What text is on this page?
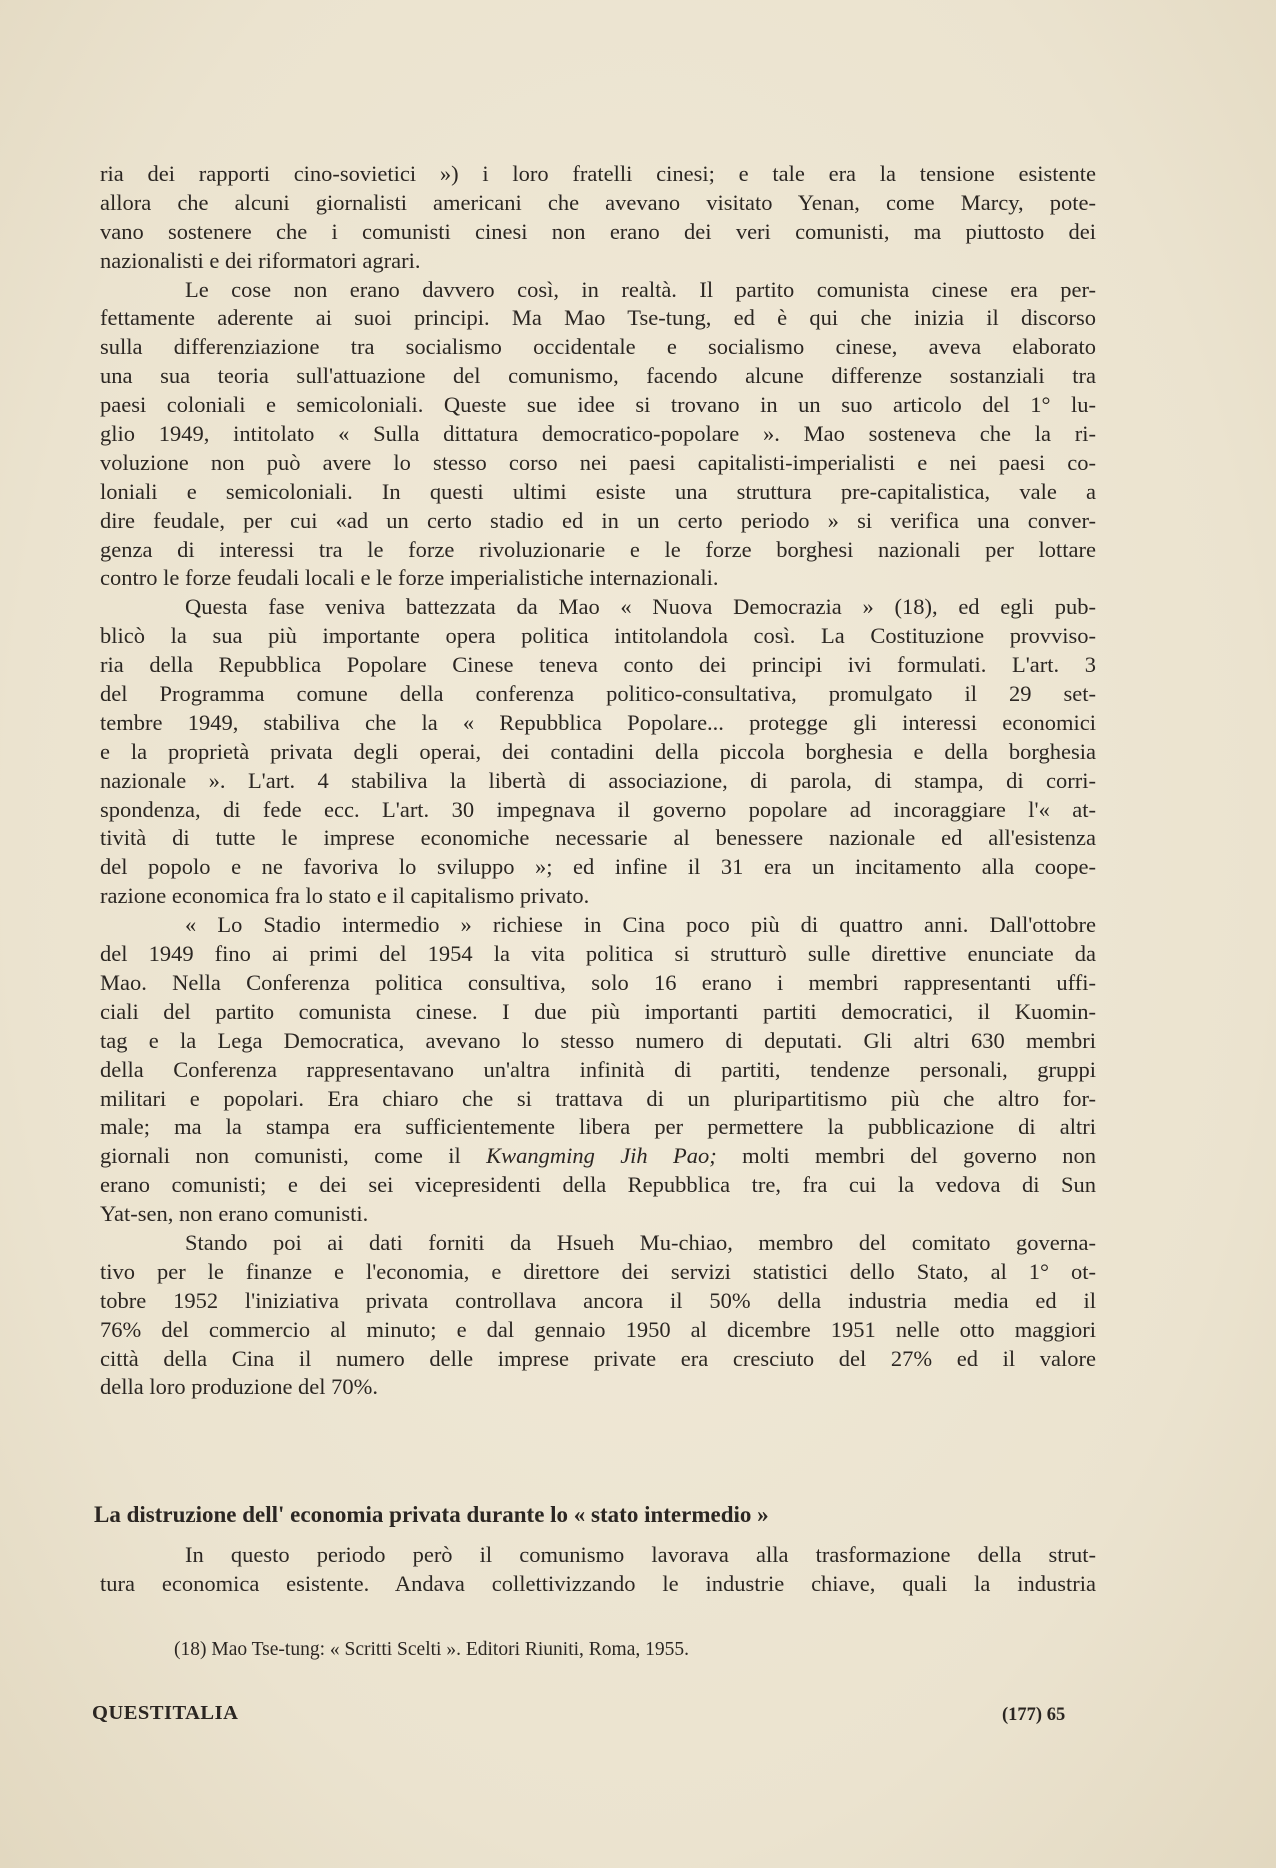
ria dei rapporti cino-sovietici ») i loro fratelli cinesi; e tale era la tensione esistente
allora che alcuni giornalisti americani che avevano visitato Yenan, come Marcy, pote-
vano sostenere che i comunisti cinesi non erano dei veri comunisti, ma piuttosto dei
nazionalisti e dei riformatori agrari.
Le cose non erano davvero così, in realtà. Il partito comunista cinese era per-
fettamente aderente ai suoi principi. Ma Mao Tse-tung, ed è qui che inizia il discorso
sulla differenziazione tra socialismo occidentale e socialismo cinese, aveva elaborato
una sua teoria sull'attuazione del comunismo, facendo alcune differenze sostanziali tra
paesi coloniali e semicoloniali. Queste sue idee si trovano in un suo articolo del 1° lu-
glio 1949, intitolato « Sulla dittatura democratico-popolare ». Mao sosteneva che la ri-
voluzione non può avere lo stesso corso nei paesi capitalisti-imperialisti e nei paesi co-
loniali e semicoloniali. In questi ultimi esiste una struttura pre-capitalistica, vale a
dire feudale, per cui «ad un certo stadio ed in un certo periodo » si verifica una conver-
genza di interessi tra le forze rivoluzionarie e le forze borghesi nazionali per lottare
contro le forze feudali locali e le forze imperialistiche internazionali.
Questa fase veniva battezzata da Mao « Nuova Democrazia » (18), ed egli pub-
blicò la sua più importante opera politica intitolandola così. La Costituzione provviso-
ria della Repubblica Popolare Cinese teneva conto dei principi ivi formulati. L'art. 3
del Programma comune della conferenza politico-consultativa, promulgato il 29 set-
tembre 1949, stabiliva che la « Repubblica Popolare... protegge gli interessi economici
e la proprietà privata degli operai, dei contadini della piccola borghesia e della borghesia
nazionale ». L'art. 4 stabiliva la libertà di associazione, di parola, di stampa, di corri-
spondenza, di fede ecc. L'art. 30 impegnava il governo popolare ad incoraggiare l'« at-
tività di tutte le imprese economiche necessarie al benessere nazionale ed all'esistenza
del popolo e ne favoriva lo sviluppo »; ed infine il 31 era un incitamento alla coope-
razione economica fra lo stato e il capitalismo privato.
« Lo Stadio intermedio » richiese in Cina poco più di quattro anni. Dall'ottobre
del 1949 fino ai primi del 1954 la vita politica si strutturò sulle direttive enunciate da
Mao. Nella Conferenza politica consultiva, solo 16 erano i membri rappresentanti uffi-
ciali del partito comunista cinese. I due più importanti partiti democratici, il Kuomin-
tag e la Lega Democratica, avevano lo stesso numero di deputati. Gli altri 630 membri
della Conferenza rappresentavano un'altra infinità di partiti, tendenze personali, gruppi
militari e popolari. Era chiaro che si trattava di un pluripartitismo più che altro for-
male; ma la stampa era sufficientemente libera per permettere la pubblicazione di altri
giornali non comunisti, come il Kwangming Jih Pao; molti membri del governo non
erano comunisti; e dei sei vicepresidenti della Repubblica tre, fra cui la vedova di Sun
Yat-sen, non erano comunisti.
Stando poi ai dati forniti da Hsueh Mu-chiao, membro del comitato governa-
tivo per le finanze e l'economia, e direttore dei servizi statistici dello Stato, al 1° ot-
tobre 1952 l'iniziativa privata controllava ancora il 50% della industria media ed il
76% del commercio al minuto; e dal gennaio 1950 al dicembre 1951 nelle otto maggiori
città della Cina il numero delle imprese private era cresciuto del 27% ed il valore
della loro produzione del 70%.
La distruzione dell' economia privata durante lo « stato intermedio »
In questo periodo però il comunismo lavorava alla trasformazione della strut-
tura economica esistente. Andava collettivizzando le industrie chiave, quali la industria
(18) Mao Tse-tung: « Scritti Scelti ». Editori Riuniti, Roma, 1955.
QUESTITALIA	(177) 65
